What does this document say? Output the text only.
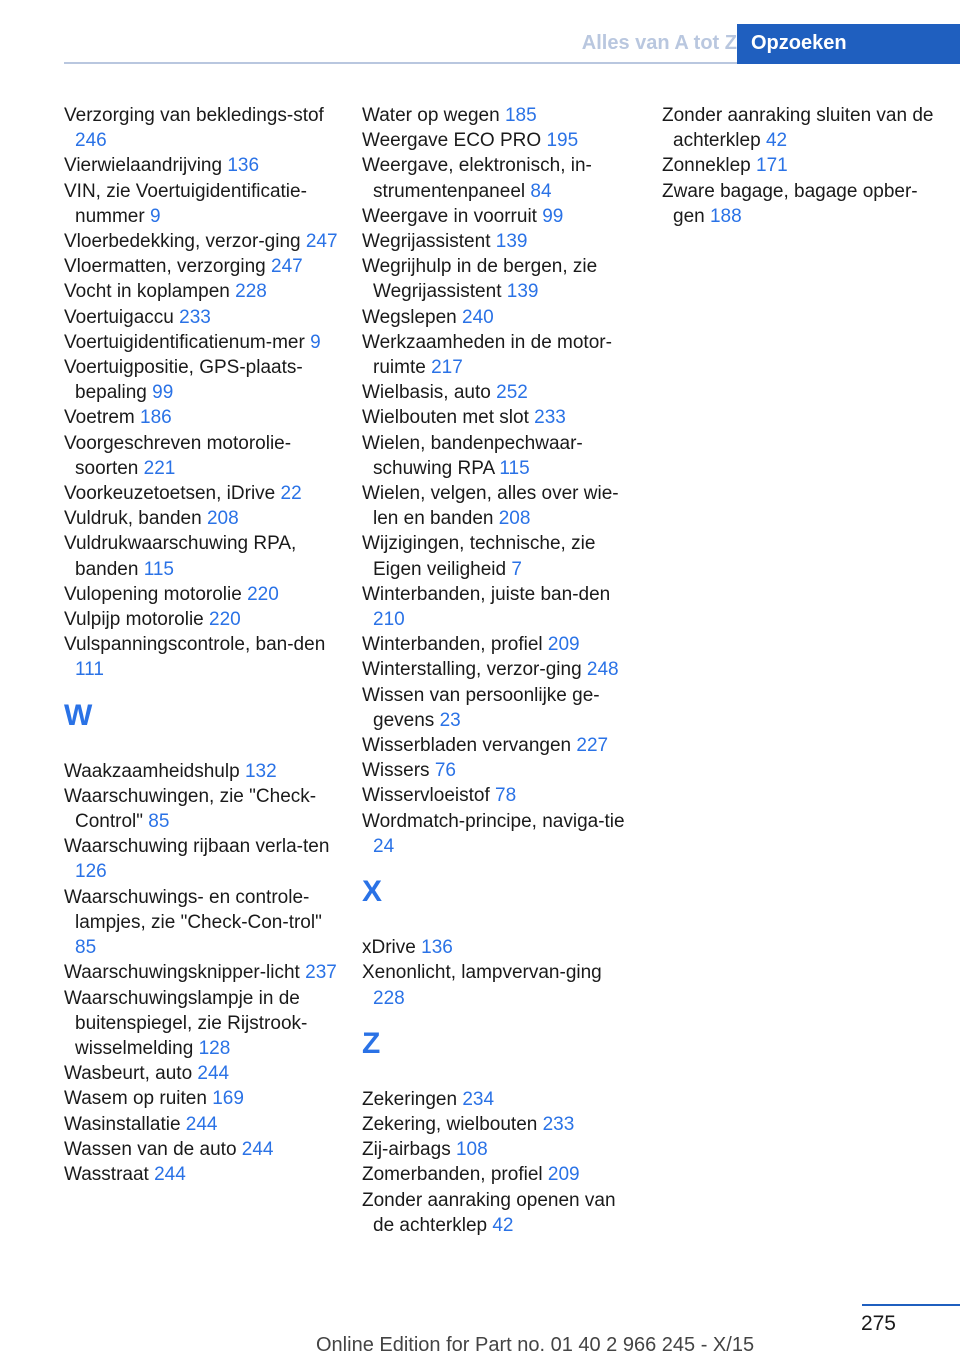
Alles van A tot Z Opzoeken

Verzorging van bekledings-stof 246

Vierwielaandrijving 136

VIN, zie Voertuigidentificatie-nummer 9

Vloerbedekking, verzor-ging 247

Vloermatten, verzorging 247

Vocht in koplampen 228

Voertuigaccu 233

Voertuigidentificatienum-mer 9

Voertuigpositie, GPS-plaats-bepaling 99

Voetrem 186

Voorgeschreven motorolie-soorten 221

Voorkeuzetoetsen, iDrive 22

Vuldruk, banden 208

Vuldrukwaarschuwing RPA, banden 115

Vulopening motorolie 220

Vulpijp motorolie 220

Vulspanningscontrole, ban-den 111

W

Waakzaamheidshulp 132

Waarschuwingen, zie "Check-Control" 85

Waarschuwing rijbaan verla-ten 126

Waarschuwings- en controle-lampjes, zie "Check-Con-trol" 85

Waarschuwingsknipper-licht 237

Waarschuwingslampje in de buitenspiegel, zie Rijstrook-wisselmelding 128

Wasbeurt, auto 244

Wasem op ruiten 169

Wasinstallatie 244

Wassen van de auto 244

Wasstraat 244

Water op wegen 185

Weergave ECO PRO 195

Weergave, elektronisch, in-strumentenpaneel 84

Weergave in voorruit 99

Wegrijassistent 139

Wegrijhulp in de bergen, zie Wegrijassistent 139

Wegslepen 240

Werkzaamheden in de motor-ruimte 217

Wielbasis, auto 252

Wielbouten met slot 233

Wielen, bandenpechwaar-schuwing RPA 115

Wielen, velgen, alles over wie-len en banden 208

Wijzigingen, technische, zie Eigen veiligheid 7

Winterbanden, juiste ban-den 210

Winterbanden, profiel 209

Winterstalling, verzor-ging 248

Wissen van persoonlijke ge-gevens 23

Wisserbladen vervangen 227

Wissers 76

Wisservloeistof 78

Wordmatch-principe, naviga-tie 24

X

xDrive 136

Xenonlicht, lampvervan-ging 228

Z

Zekeringen 234

Zekering, wielbouten 233

Zij-airbags 108

Zomerbanden, profiel 209

Zonder aanraking openen van de achterklep 42

Zonder aanraking sluiten van de achterklep 42

Zonneklep 171

Zware bagage, bagage opber-gen 188

275
Online Edition for Part no. 01 40 2 966 245 - X/15
